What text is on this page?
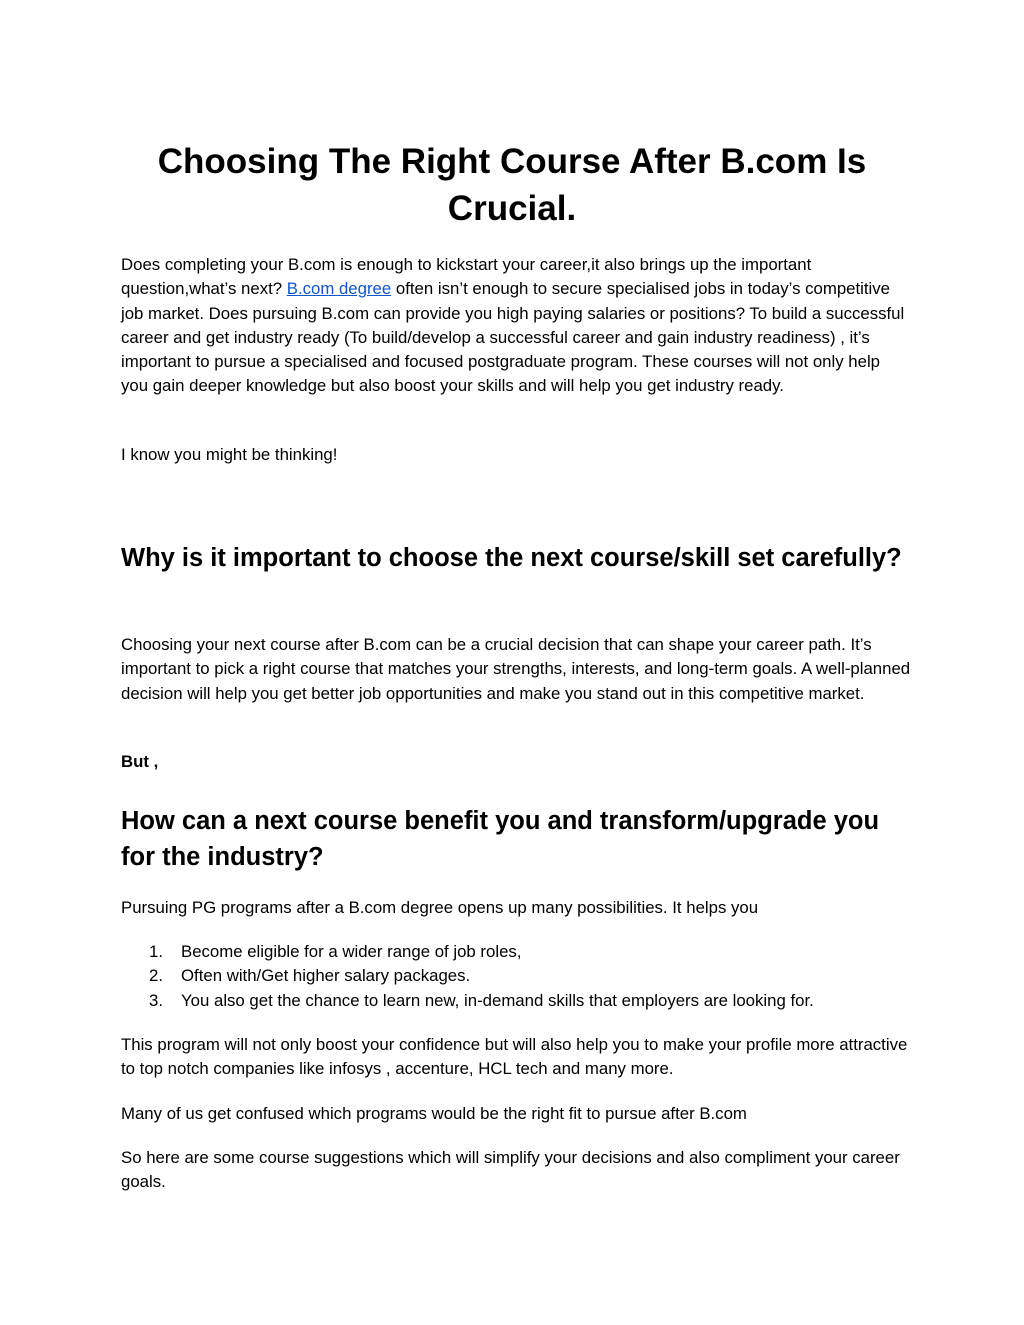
Choosing The Right Course After B.com Is Crucial.

Does completing your B.com is enough to kickstart your career,it also brings up the important question,what’s next? B.com degree often isn’t enough to secure specialised jobs in today’s competitive job market. Does pursuing B.com can provide you high paying salaries or positions? To build a successful career and get industry ready (To build/develop a successful career and gain industry readiness) , it’s important to pursue a specialised and focused postgraduate program. These courses will not only help you gain deeper knowledge but also boost your skills and will help you get industry ready.

I know you might be thinking!

Why is it important to choose the next course/skill set carefully?

Choosing your next course after B.com can be a crucial decision that can shape your career path. It’s important to pick a right course that matches your strengths, interests, and long-term goals. A well-planned decision will help you get better job opportunities and make you stand out in this competitive market.

But ,

How can a next course benefit you and transform/upgrade you for the industry?

Pursuing PG programs after a B.com degree opens up many possibilities. It helps you

1. Become eligible for a wider range of job roles,
2. Often with/Get higher salary packages.
3. You also get the chance to learn new, in-demand skills that employers are looking for.

This program will not only boost your confidence but will also help you to make your profile more attractive to top notch companies like infosys , accenture, HCL tech and many more.

Many of us get confused which programs would be the right fit to pursue after B.com

So here are some course suggestions which will simplify your decisions and also compliment your career goals.
